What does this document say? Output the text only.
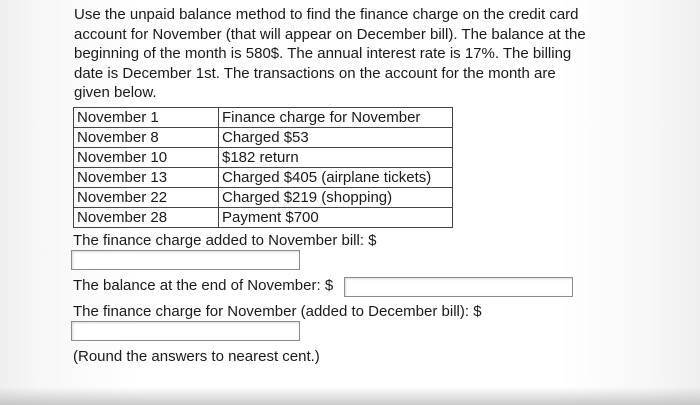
Use the unpaid balance method to find the finance charge on the credit card account for November (that will appear on December bill). The balance at the beginning of the month is 580$. The annual interest rate is 17%. The billing date is December 1st. The transactions on the account for the month are given below.

November 1	Finance charge for November
November 8	Charged $53
November 10	$182 return
November 13	Charged $405 (airplane tickets)
November 22	Charged $219 (shopping)
November 28	Payment $700

The finance charge added to November bill: $

The balance at the end of November: $

The finance charge for November (added to December bill): $

(Round the answers to nearest cent.)
